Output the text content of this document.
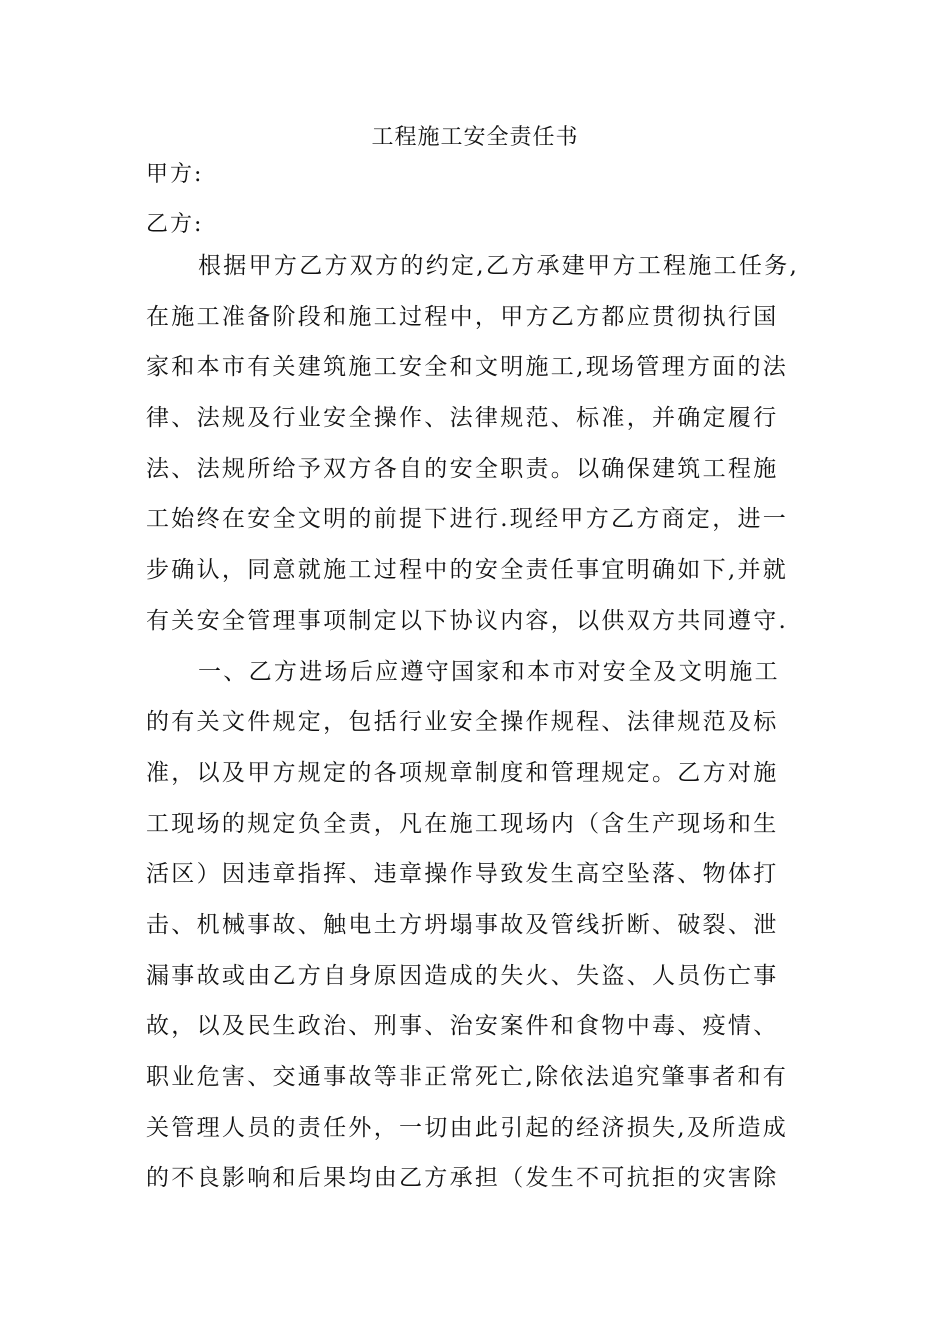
工程施工安全责任书
甲方:
乙方:
根据甲方乙方双方的约定,乙方承建甲方工程施工任务,
在施工准备阶段和施工过程中，甲方乙方都应贯彻执行国
家和本市有关建筑施工安全和文明施工,现场管理方面的法
律、法规及行业安全操作、法律规范、标准，并确定履行
法、法规所给予双方各自的安全职责。以确保建筑工程施
工始终在安全文明的前提下进行.现经甲方乙方商定，进一
步确认，同意就施工过程中的安全责任事宜明确如下,并就
有关安全管理事项制定以下协议内容，以供双方共同遵守.
一、乙方进场后应遵守国家和本市对安全及文明施工
的有关文件规定，包括行业安全操作规程、法律规范及标
准，以及甲方规定的各项规章制度和管理规定。乙方对施
工现场的规定负全责，凡在施工现场内（含生产现场和生
活区）因违章指挥、违章操作导致发生高空坠落、物体打
击、机械事故、触电土方坍塌事故及管线折断、破裂、泄
漏事故或由乙方自身原因造成的失火、失盗、人员伤亡事
故，以及民生政治、刑事、治安案件和食物中毒、疫情、
职业危害、交通事故等非正常死亡,除依法追究肇事者和有
关管理人员的责任外，一切由此引起的经济损失,及所造成
的不良影响和后果均由乙方承担（发生不可抗拒的灾害除
